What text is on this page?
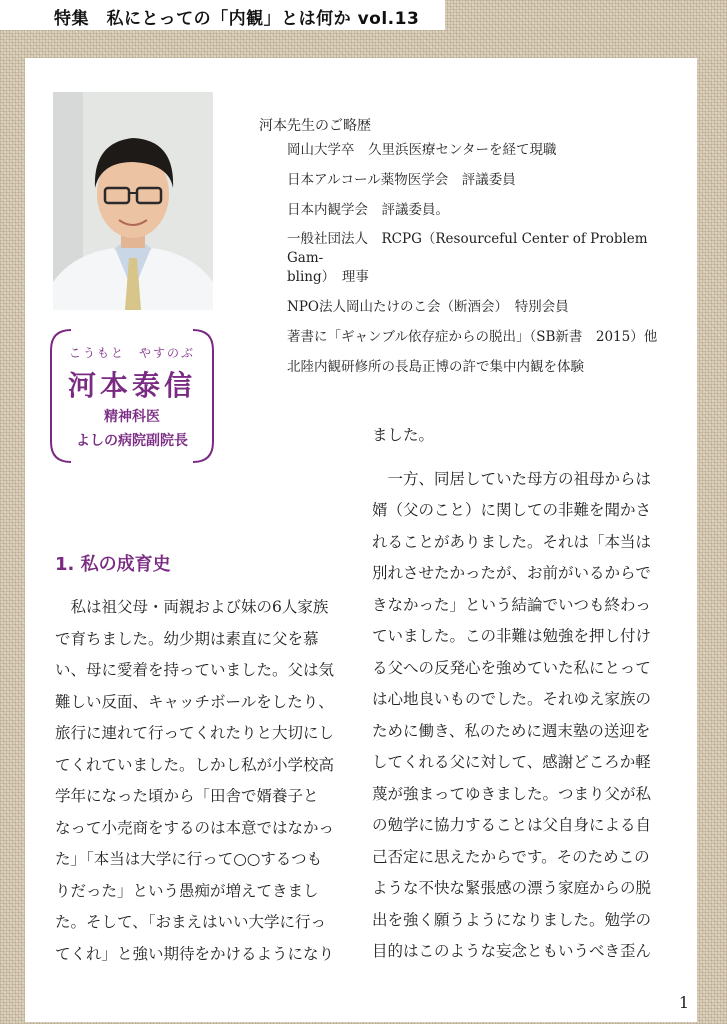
特集　私にとっての「内観」とは何か vol.13
こうもと　やすのぶ
河本泰信
精神科医
よしの病院副院長
河本先生のご略歴
岡山大学卒　久里浜医療センターを経て現職
日本アルコール薬物医学会　評議委員
日本内観学会　評議委員。
一般社団法人　RCPG（Resourceful Center of Problem Gam-
bling）　理事
NPO法人岡山たけのこ会（断酒会）　特別会員
著書に「ギャンブル依存症からの脱出」（SB新書　2015）他
北陸内観研修所の長島正博の許で集中内観を体験
1. 私の成育史
　私は祖父母・両親および妹の6人家族
で育ちました。幼少期は素直に父を慕
い、母に愛着を持っていました。父は気
難しい反面、キャッチボールをしたり、
旅行に連れて行ってくれたりと大切にし
てくれていました。しかし私が小学校高
学年になった頃から「田舎で婿養子と
なって小売商をするのは本意ではなかっ
た」「本当は大学に行って○○するつも
りだった」という愚痴が増えてきまし
た。そして、「おまえはいい大学に行っ
てくれ」と強い期待をかけるようになり
ました。
　一方、同居していた母方の祖母からは
婿（父のこと）に関しての非難を聞かさ
れることがありました。それは「本当は
別れさせたかったが、お前がいるからで
きなかった」という結論でいつも終わっ
ていました。この非難は勉強を押し付け
る父への反発心を強めていた私にとって
は心地良いものでした。それゆえ家族の
ために働き、私のために週末塾の送迎を
してくれる父に対して、感謝どころか軽
蔑が強まってゆきました。つまり父が私
の勉学に協力することは父自身による自
己否定に思えたからです。そのためこの
ような不快な緊張感の漂う家庭からの脱
出を強く願うようになりました。勉学の
目的はこのような妄念ともいうべき歪ん
1
